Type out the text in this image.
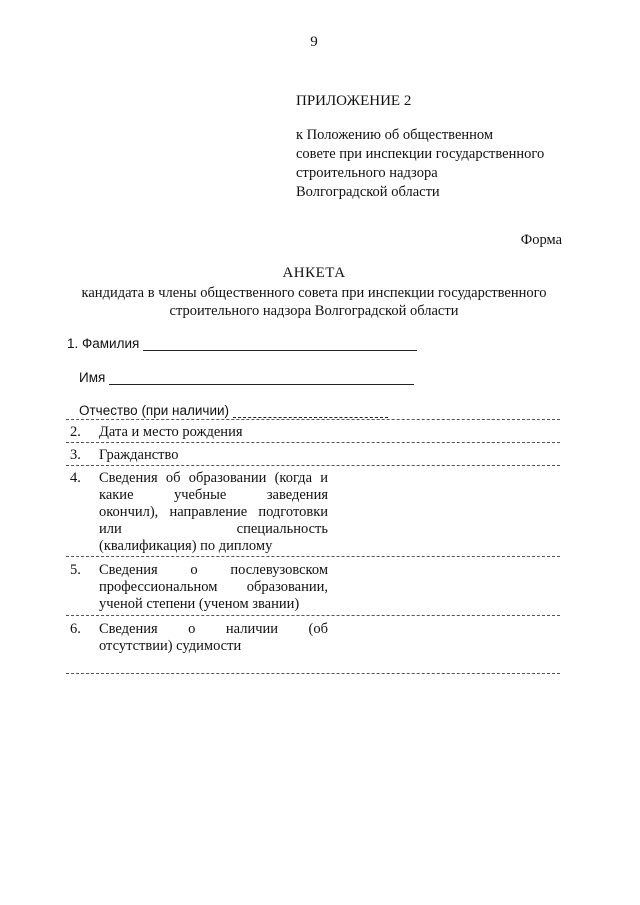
9
ПРИЛОЖЕНИЕ 2
к Положению об общественном
совете при инспекции государственного
строительного надзора
Волгоградской области
Форма
АНКЕТА
кандидата в члены общественного совета при инспекции государственного
строительного надзора Волгоградской области
1. Фамилия
Имя
Отчество (при наличии)
2. Дата и место рождения
3. Гражданство
4. Сведения об образовании (когда и
какие учебные заведения
окончил), направление подготовки
или специальность
(квалификация) по диплому
5. Сведения о послевузовском
профессиональном образовании,
ученой степени (ученом звании)
6. Сведения о наличии (об
отсутствии) судимости
